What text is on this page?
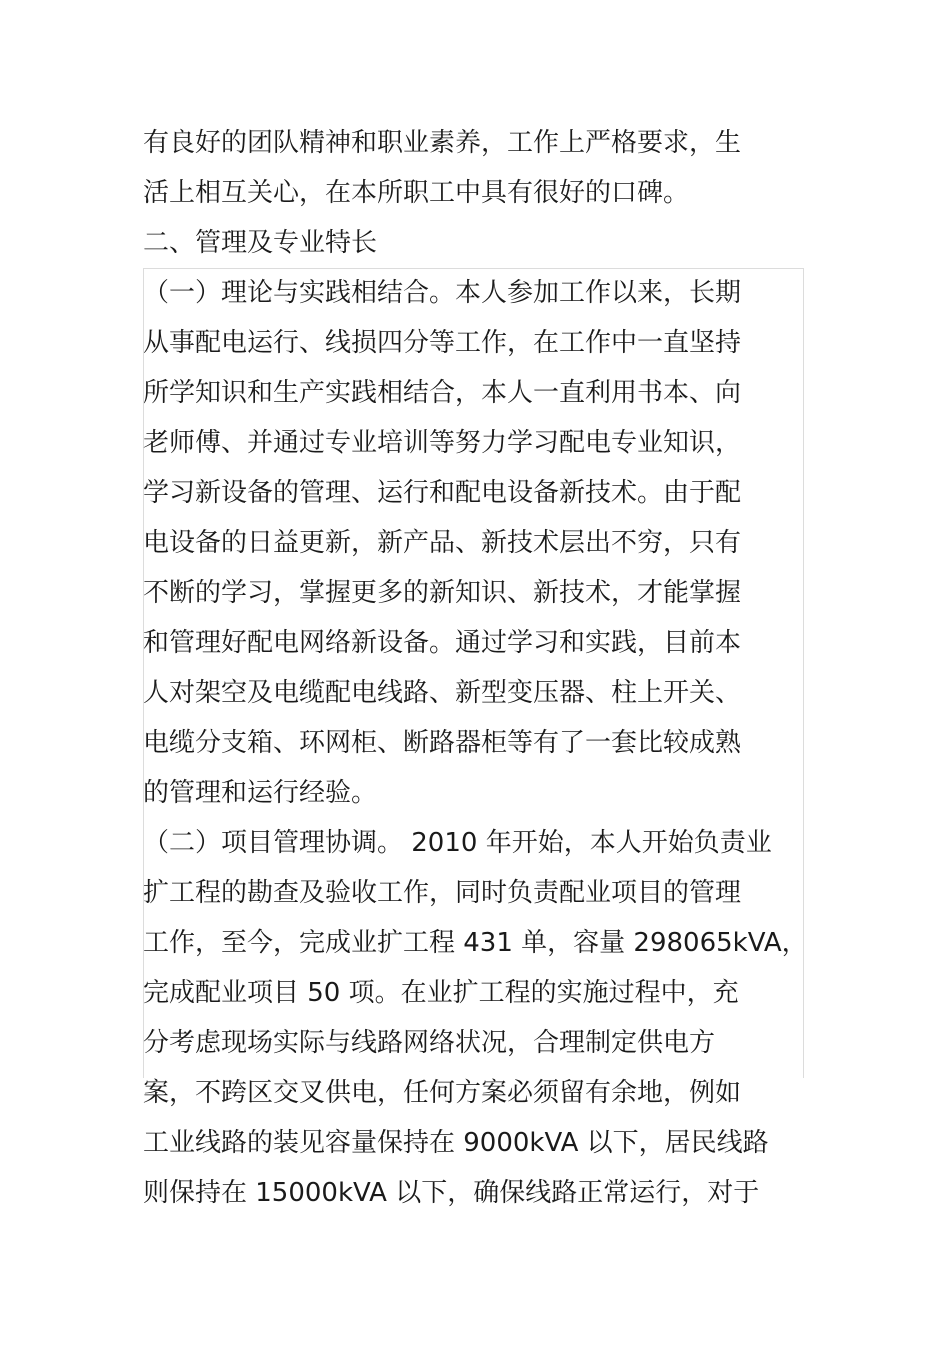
有良好的团队精神和职业素养，工作上严格要求，生
活上相互关心，在本所职工中具有很好的口碑。
二、管理及专业特长
（一）理论与实践相结合。本人参加工作以来，长期
从事配电运行、线损四分等工作，在工作中一直坚持
所学知识和生产实践相结合，本人一直利用书本、向
老师傅、并通过专业培训等努力学习配电专业知识，
学习新设备的管理、运行和配电设备新技术。由于配
电设备的日益更新，新产品、新技术层出不穷，只有
不断的学习，掌握更多的新知识、新技术，才能掌握
和管理好配电网络新设备。通过学习和实践，目前本
人对架空及电缆配电线路、新型变压器、柱上开关、
电缆分支箱、环网柜、断路器柜等有了一套比较成熟
的管理和运行经验。
（二）项目管理协调。 2010 年开始，本人开始负责业
扩工程的勘查及验收工作，同时负责配业项目的管理
工作，至今，完成业扩工程 431 单，容量 298065kVA，
完成配业项目 50 项。在业扩工程的实施过程中，充
分考虑现场实际与线路网络状况，合理制定供电方
案，不跨区交叉供电，任何方案必须留有余地，例如
工业线路的装见容量保持在 9000kVA 以下，居民线路
则保持在 15000kVA 以下，确保线路正常运行，对于
